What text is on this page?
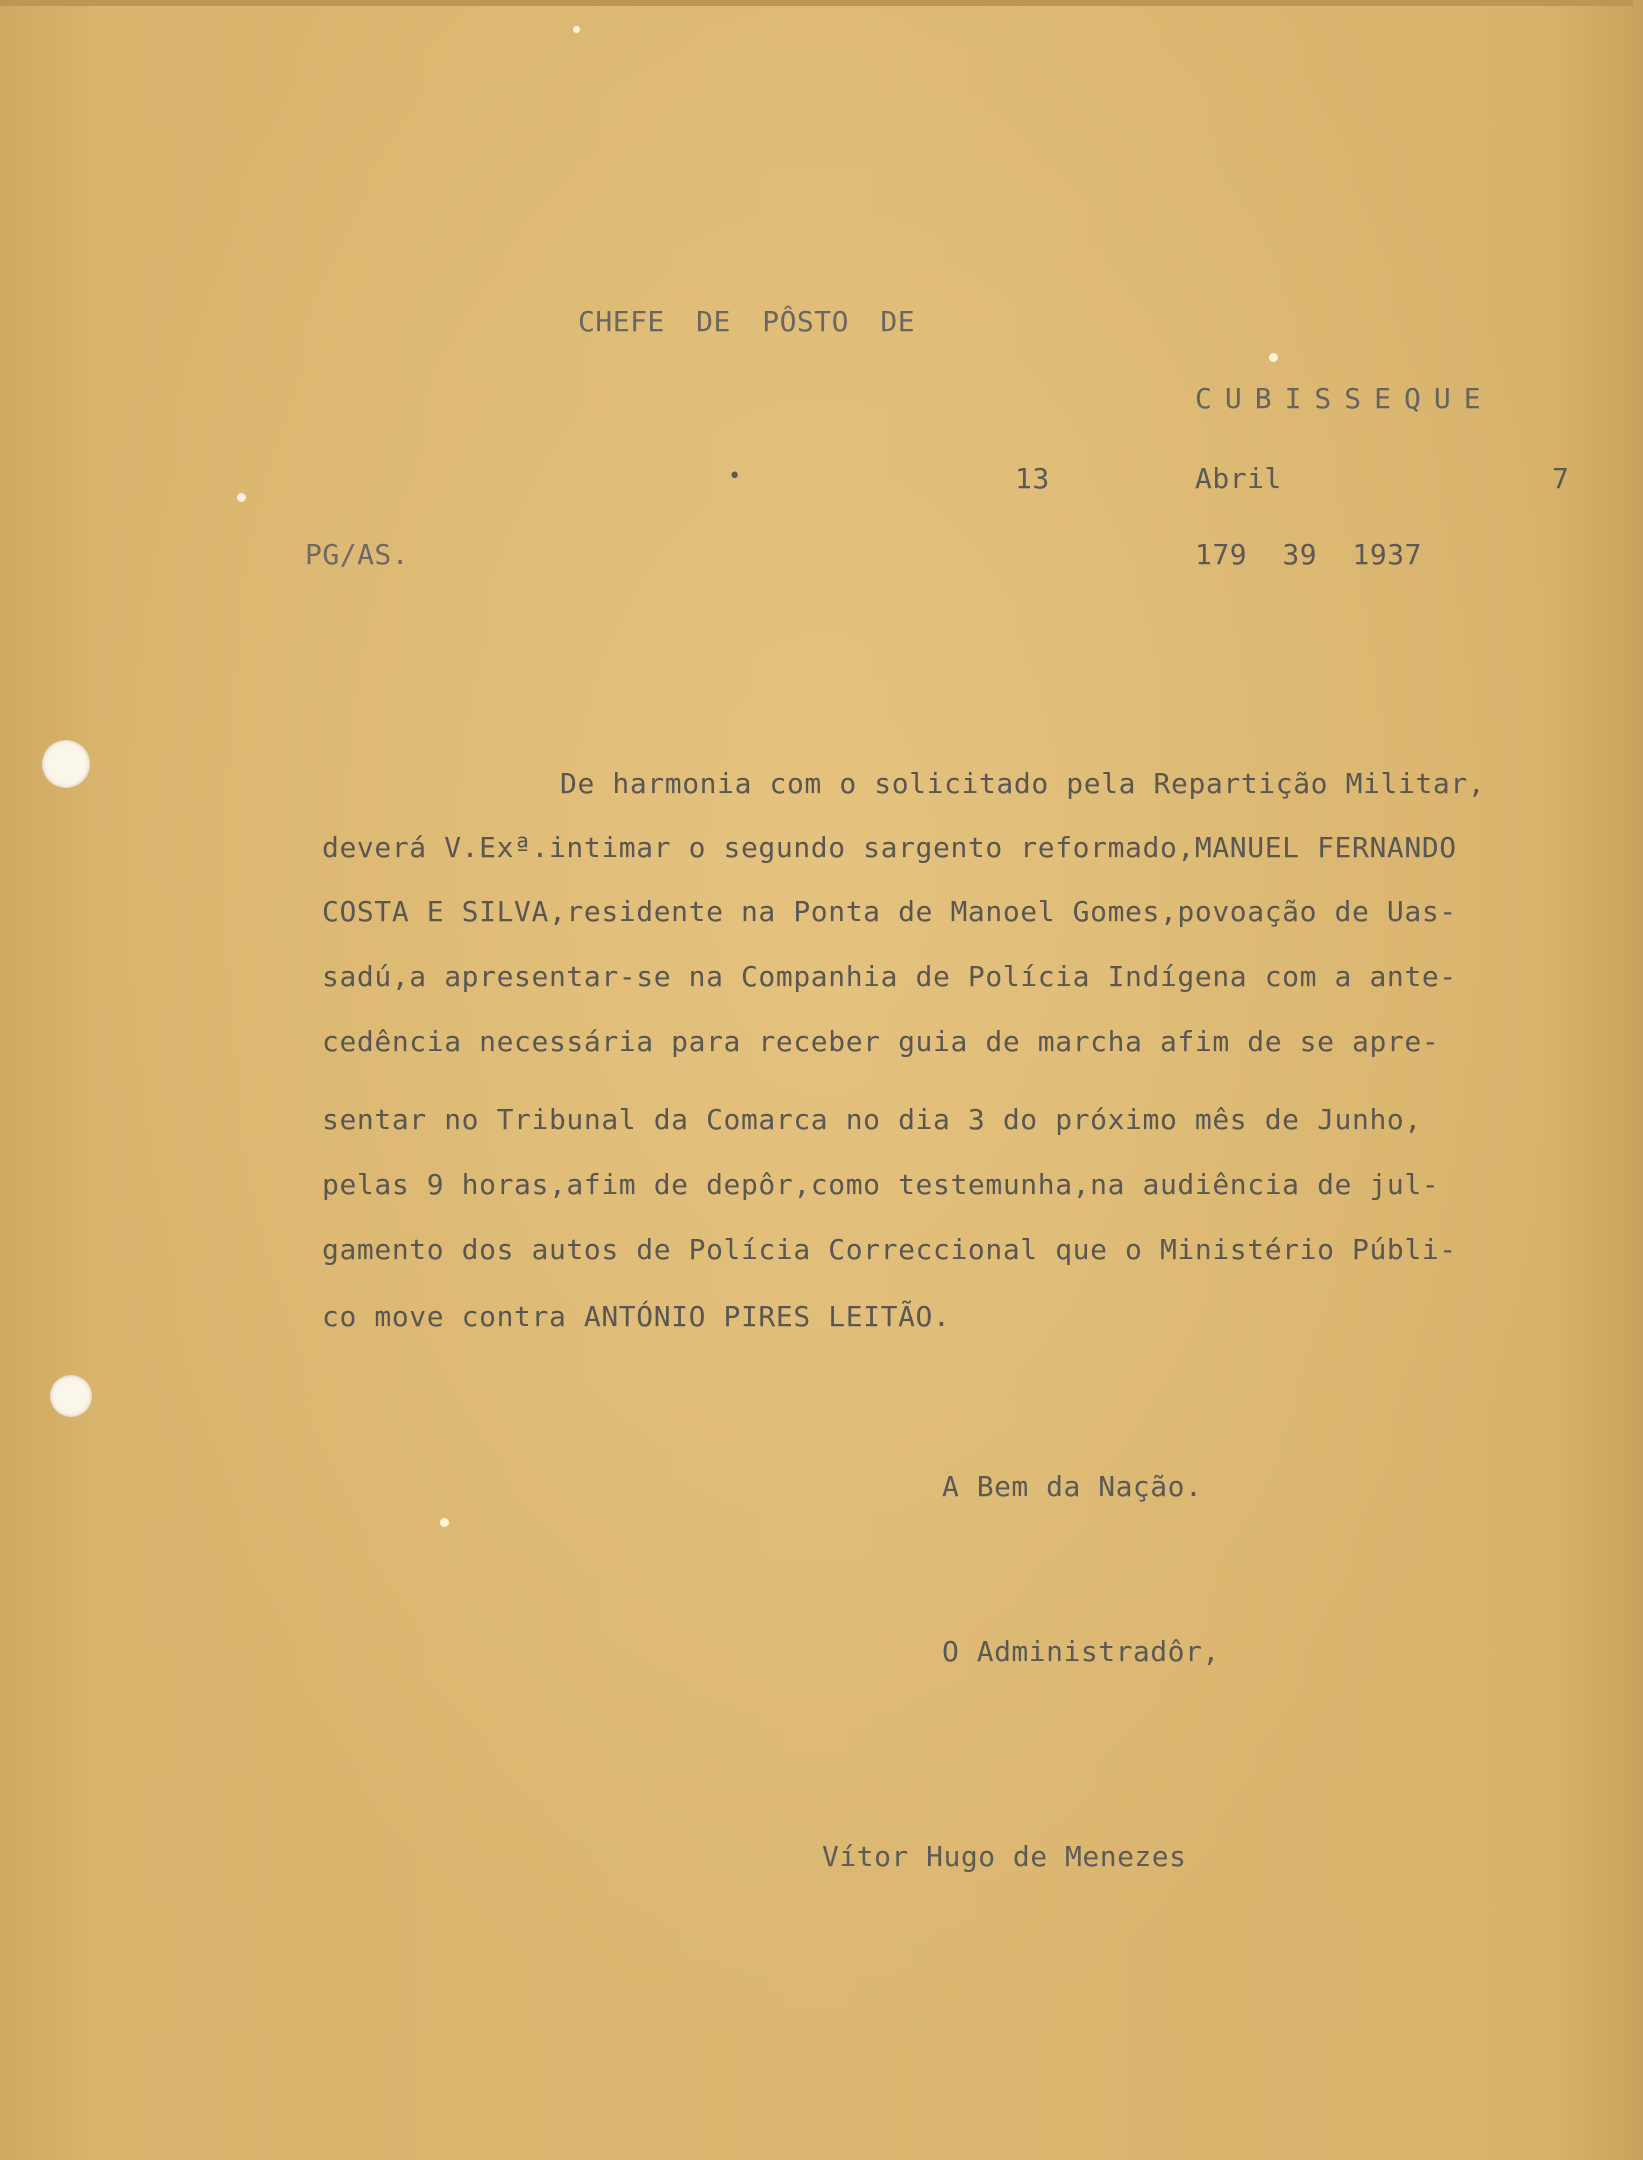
CHEFE DE PÔSTO DE
CUBISSEQUE
•	13	Abril	7
PG/AS.	179 39 1937
De harmonia com o solicitado pela Repartição Militar,
deverá V.Exª.intimar o segundo sargento reformado,MANUEL FERNANDO
COSTA E SILVA,residente na Ponta de Manoel Gomes,povoação de Uas-
sadú,a apresentar-se na Companhia de Polícia Indígena com a ante-
cedência necessária para receber guia de marcha afim de se apre-
sentar no Tribunal da Comarca no dia 3 do próximo mês de Junho,
pelas 9 horas,afim de depôr,como testemunha,na audiência de jul-
gamento dos autos de Polícia Correccional que o Ministério Públi-
co move contra ANTÓNIO PIRES LEITÃO.
A Bem da Nação.
O Administradôr,
Vítor Hugo de Menezes
